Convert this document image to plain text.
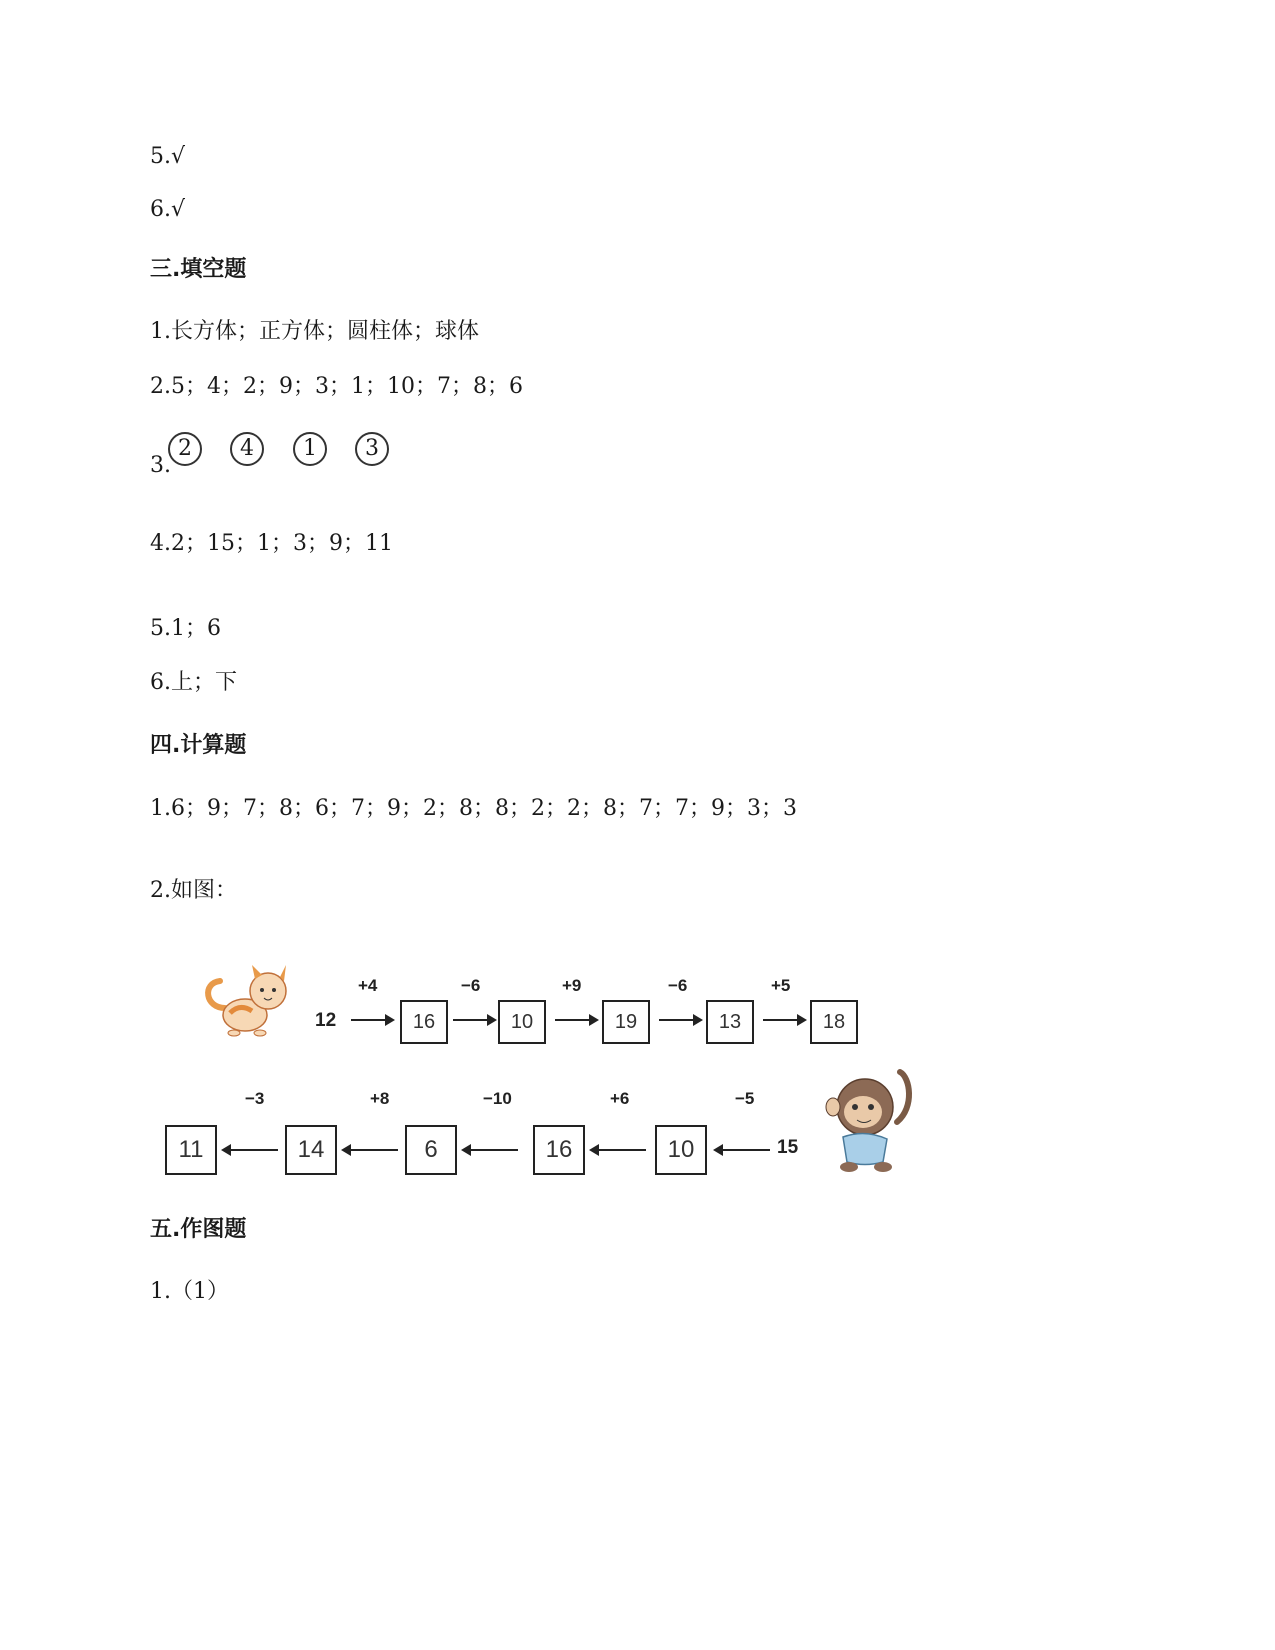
5.√
6.√
三.填空题
1.长方体；正方体；圆柱体；球体
2.5；4；2；9；3；1；10；7；8；6
3.
2	4	1	3
4.2；15；1；3；9；11
5.1；6
6.上；下
四.计算题
1.6；9；7；8；6；7；9；2；8；8；2；2；8；7；7；9；3；3
2.如图：
12
+4
16
−6
10
+9
19
−6
13
+5
18
11
−3
14
+8
6
−10
16
+6
10
−5
15
五.作图题
1.（1）
